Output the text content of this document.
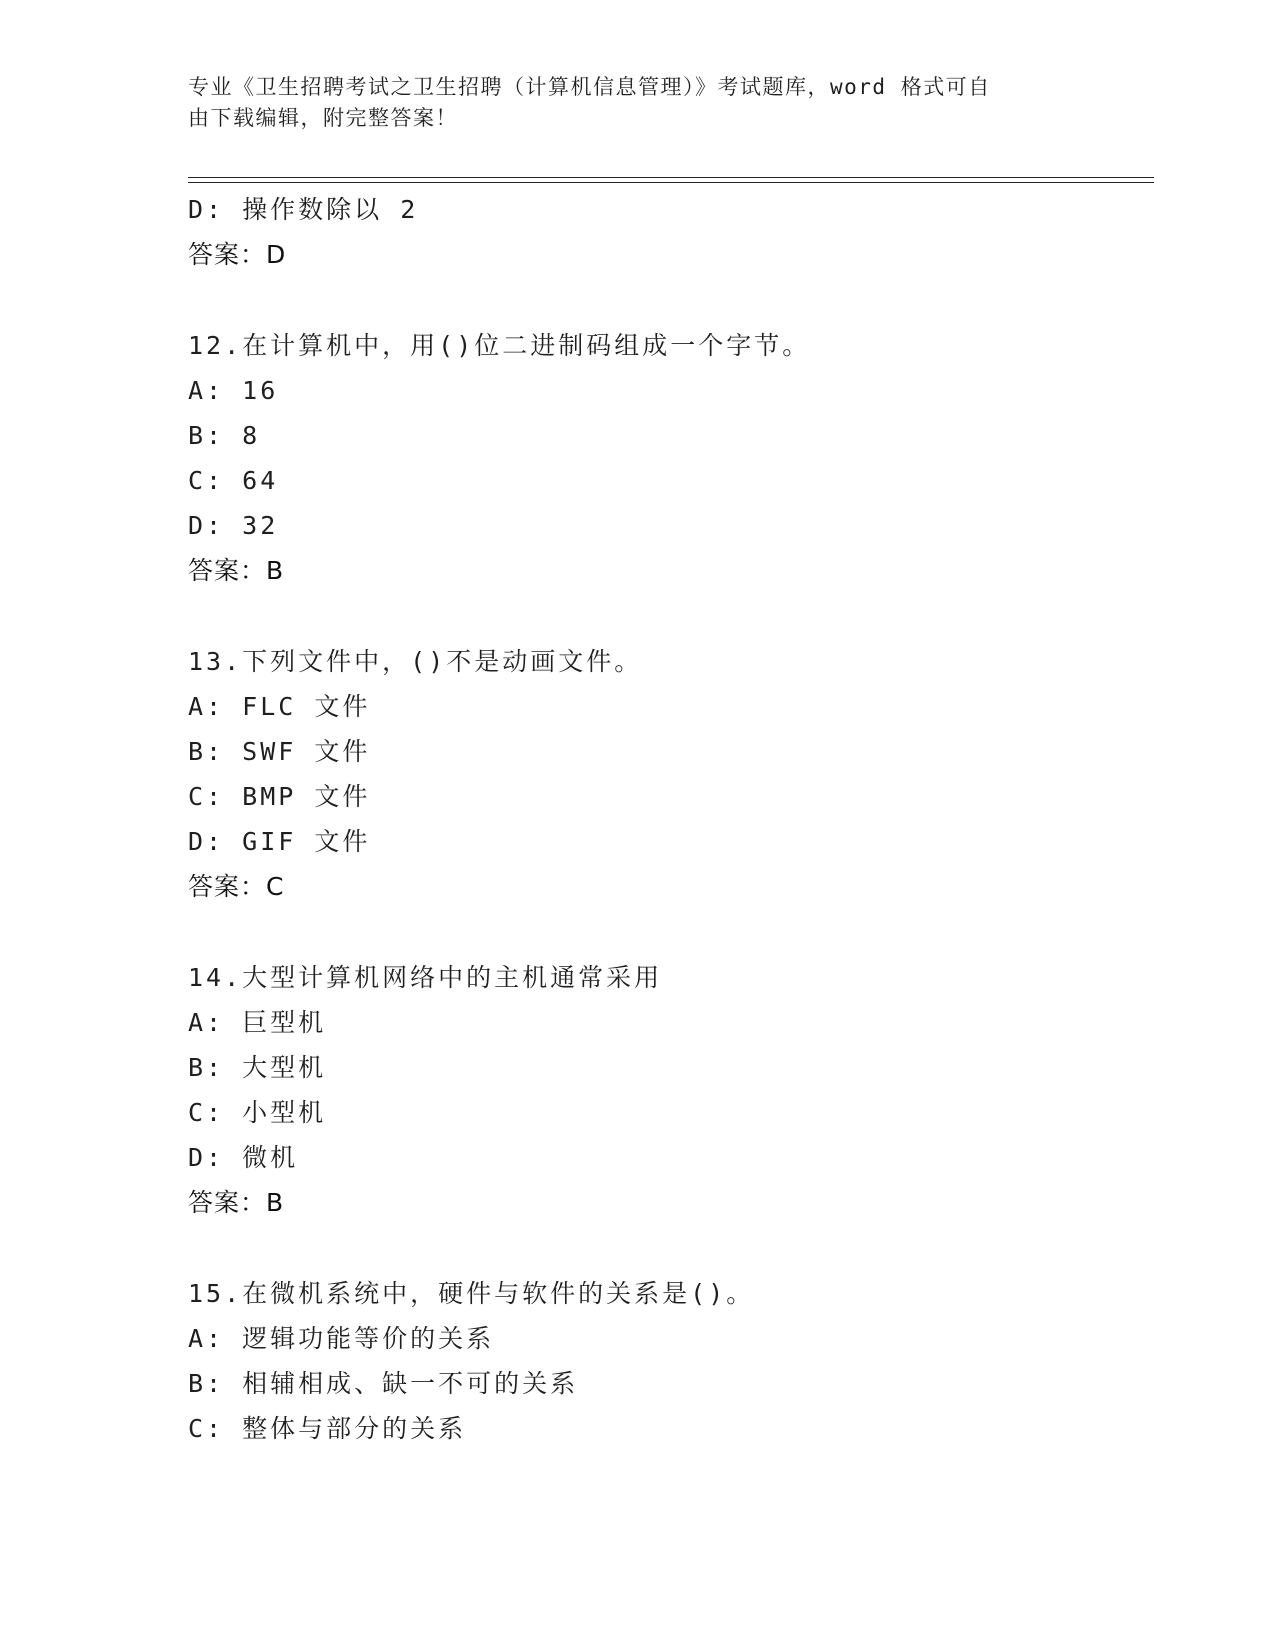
专业《卫生招聘考试之卫生招聘（计算机信息管理）》考试题库，word 格式可自
由下载编辑，附完整答案！
D: 操作数除以 2
答案：D
12.在计算机中，用()位二进制码组成一个字节。
A: 16
B: 8
C: 64
D: 32
答案：B
13.下列文件中，()不是动画文件。
A: FLC 文件
B: SWF 文件
C: BMP 文件
D: GIF 文件
答案：C
14.大型计算机网络中的主机通常采用
A: 巨型机
B: 大型机
C: 小型机
D: 微机
答案：B
15.在微机系统中，硬件与软件的关系是()。
A: 逻辑功能等价的关系
B: 相辅相成、缺一不可的关系
C: 整体与部分的关系
